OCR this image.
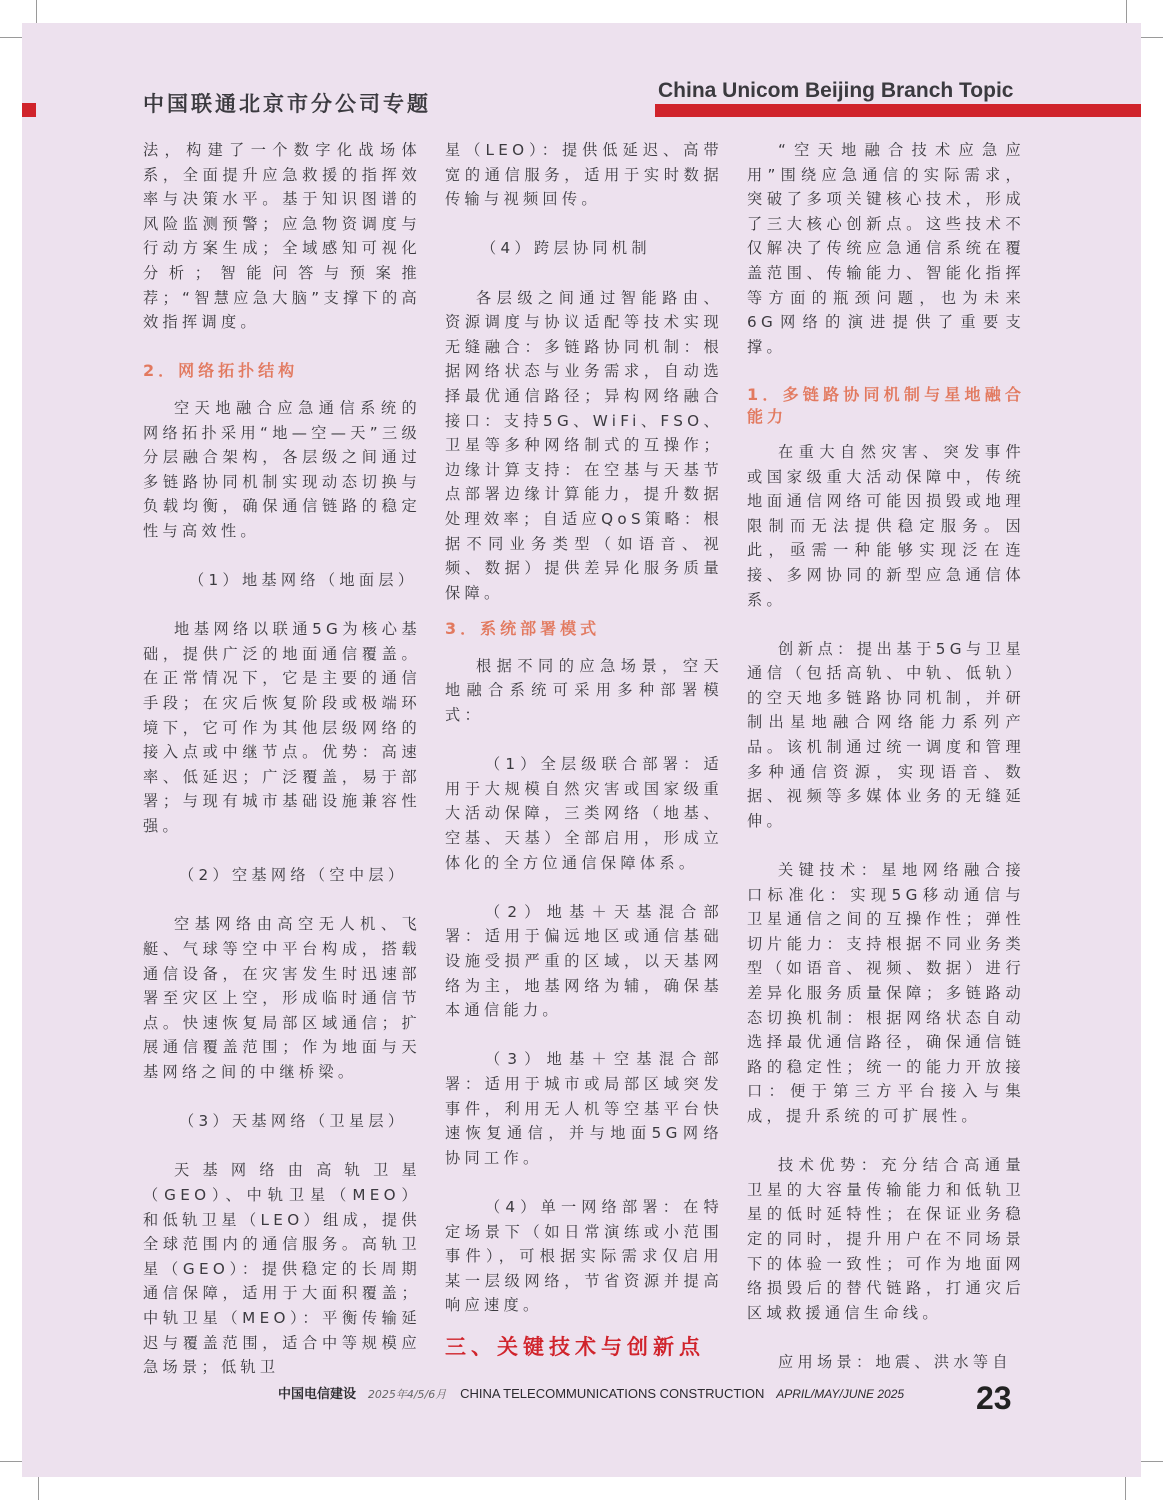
中国联通北京市分公司专题
China Unicom Beijing Branch Topic

法，构建了一个数字化战场体系，全面提升应急救援的指挥效率与决策水平。基于知识图谱的风险监测预警；应急物资调度与行动方案生成；全域感知可视化分析；智能问答与预案推荐；“智慧应急大脑”支撑下的高效指挥调度。

2．网络拓扑结构

空天地融合应急通信系统的网络拓扑采用“地—空—天”三级分层融合架构，各层级之间通过多链路协同机制实现动态切换与负载均衡，确保通信链路的稳定性与高效性。

（1）地基网络（地面层）

地基网络以联通5G为核心基础，提供广泛的地面通信覆盖。在正常情况下，它是主要的通信手段；在灾后恢复阶段或极端环境下，它可作为其他层级网络的接入点或中继节点。优势：高速率、低延迟；广泛覆盖，易于部署；与现有城市基础设施兼容性强。

（2）空基网络（空中层）

空基网络由高空无人机、飞艇、气球等空中平台构成，搭载通信设备，在灾害发生时迅速部署至灾区上空，形成临时通信节点。快速恢复局部区域通信；扩展通信覆盖范围；作为地面与天基网络之间的中继桥梁。

（3）天基网络（卫星层）

天基网络由高轨卫星（GEO）、中轨卫星（MEO）和低轨卫星（LEO）组成，提供全球范围内的通信服务。高轨卫星（GEO）：提供稳定的长周期通信保障，适用于大面积覆盖；中轨卫星（MEO）：平衡传输延迟与覆盖范围，适合中等规模应急场景；低轨卫

星（LEO）：提供低延迟、高带宽的通信服务，适用于实时数据传输与视频回传。

（4）跨层协同机制

各层级之间通过智能路由、资源调度与协议适配等技术实现无缝融合：多链路协同机制：根据网络状态与业务需求，自动选择最优通信路径；异构网络融合接口：支持5G、WiFi、FSO、卫星等多种网络制式的互操作；边缘计算支持：在空基与天基节点部署边缘计算能力，提升数据处理效率；自适应QoS策略：根据不同业务类型（如语音、视频、数据）提供差异化服务质量保障。

3．系统部署模式

根据不同的应急场景，空天地融合系统可采用多种部署模式：

（1）全层级联合部署：适用于大规模自然灾害或国家级重大活动保障，三类网络（地基、空基、天基）全部启用，形成立体化的全方位通信保障体系。

（2）地基＋天基混合部署：适用于偏远地区或通信基础设施受损严重的区域，以天基网络为主，地基网络为辅，确保基本通信能力。

（3）地基＋空基混合部署：适用于城市或局部区域突发事件，利用无人机等空基平台快速恢复通信，并与地面5G网络协同工作。

（4）单一网络部署：在特定场景下（如日常演练或小范围事件），可根据实际需求仅启用某一层级网络，节省资源并提高响应速度。

三、关键技术与创新点

“空天地融合技术应急应用”围绕应急通信的实际需求，突破了多项关键核心技术，形成了三大核心创新点。这些技术不仅解决了传统应急通信系统在覆盖范围、传输能力、智能化指挥等方面的瓶颈问题，也为未来6G网络的演进提供了重要支撑。

1．多链路协同机制与星地融合能力

在重大自然灾害、突发事件或国家级重大活动保障中，传统地面通信网络可能因损毁或地理限制而无法提供稳定服务。因此，亟需一种能够实现泛在连接、多网协同的新型应急通信体系。

创新点：提出基于5G与卫星通信（包括高轨、中轨、低轨）的空天地多链路协同机制，并研制出星地融合网络能力系列产品。该机制通过统一调度和管理多种通信资源，实现语音、数据、视频等多媒体业务的无缝延伸。

关键技术：星地网络融合接口标准化：实现5G移动通信与卫星通信之间的互操作性；弹性切片能力：支持根据不同业务类型（如语音、视频、数据）进行差异化服务质量保障；多链路动态切换机制：根据网络状态自动选择最优通信路径，确保通信链路的稳定性；统一的能力开放接口：便于第三方平台接入与集成，提升系统的可扩展性。

技术优势：充分结合高通量卫星的大容量传输能力和低轨卫星的低时延特性；在保证业务稳定的同时，提升用户在不同场景下的体验一致性；可作为地面网络损毁后的替代链路，打通灾后区域救援通信生命线。

应用场景：地震、洪水等自

中国电信建设 2025年4/5/6月 CHINA TELECOMMUNICATIONS CONSTRUCTION APRIL/MAY/JUNE 2025 23
